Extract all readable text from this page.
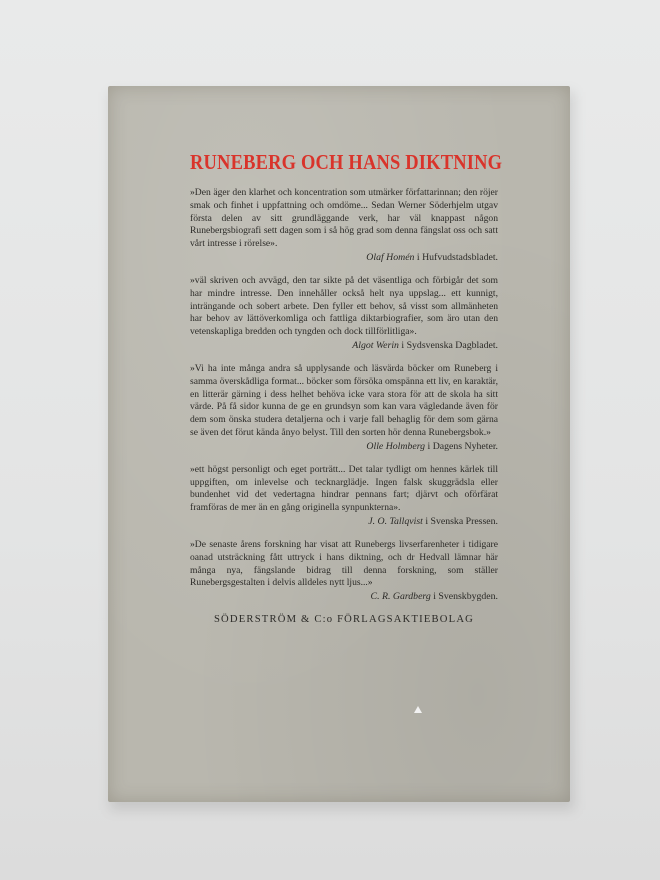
RUNEBERG OCH HANS DIKTNING

»Den äger den klarhet och koncentration som utmärker författarinnan; den röjer smak och finhet i uppfattning och omdöme... Sedan Werner Söderhjelm utgav första delen av sitt grundläggande verk, har väl knappast någon Runebergsbiografi sett dagen som i så hög grad som denna fängslat oss och satt vårt intresse i rörelse».

Olaf Homén i Hufvudstadsbladet.

»väl skriven och avvägd, den tar sikte på det väsentliga och förbigår det som har mindre intresse. Den innehåller också helt nya uppslag... ett kunnigt, inträngande och sobert arbete. Den fyller ett behov, så visst som allmänheten har behov av lättöverkomliga och fattliga diktarbiografier, som äro utan den vetenskapliga bredden och tyngden och dock tillförlitliga».

Algot Werin i Sydsvenska Dagbladet.

»Vi ha inte många andra så upplysande och läsvärda böcker om Runeberg i samma överskådliga format... böcker som försöka omspänna ett liv, en karaktär, en litterär gärning i dess helhet behöva icke vara stora för att de skola ha sitt värde. På få sidor kunna de ge en grundsyn som kan vara vägledande även för dem som önska studera detaljerna och i varje fall behaglig för dem som gärna se även det förut kända ånyo belyst. Till den sorten hör denna Runebergsbok.»

Olle Holmberg i Dagens Nyheter.

»ett högst personligt och eget porträtt... Det talar tydligt om hennes kärlek till uppgiften, om inlevelse och tecknarglädje. Ingen falsk skuggrädsla eller bundenhet vid det vedertagna hindrar pennans fart; djärvt och oförfärat framföras de mer än en gång originella synpunkterna».

J. O. Tallqvist i Svenska Pressen.

»De senaste årens forskning har visat att Runebergs livserfarenheter i tidigare oanad utsträckning fått uttryck i hans diktning, och dr Hedvall lämnar här många nya, fängslande bidrag till denna forskning, som ställer Runebergsgestalten i delvis alldeles nytt ljus...»

C. R. Gardberg i Svenskbygden.
SÖDERSTRÖM & C:o FÖRLAGSAKTIEBOLAG
